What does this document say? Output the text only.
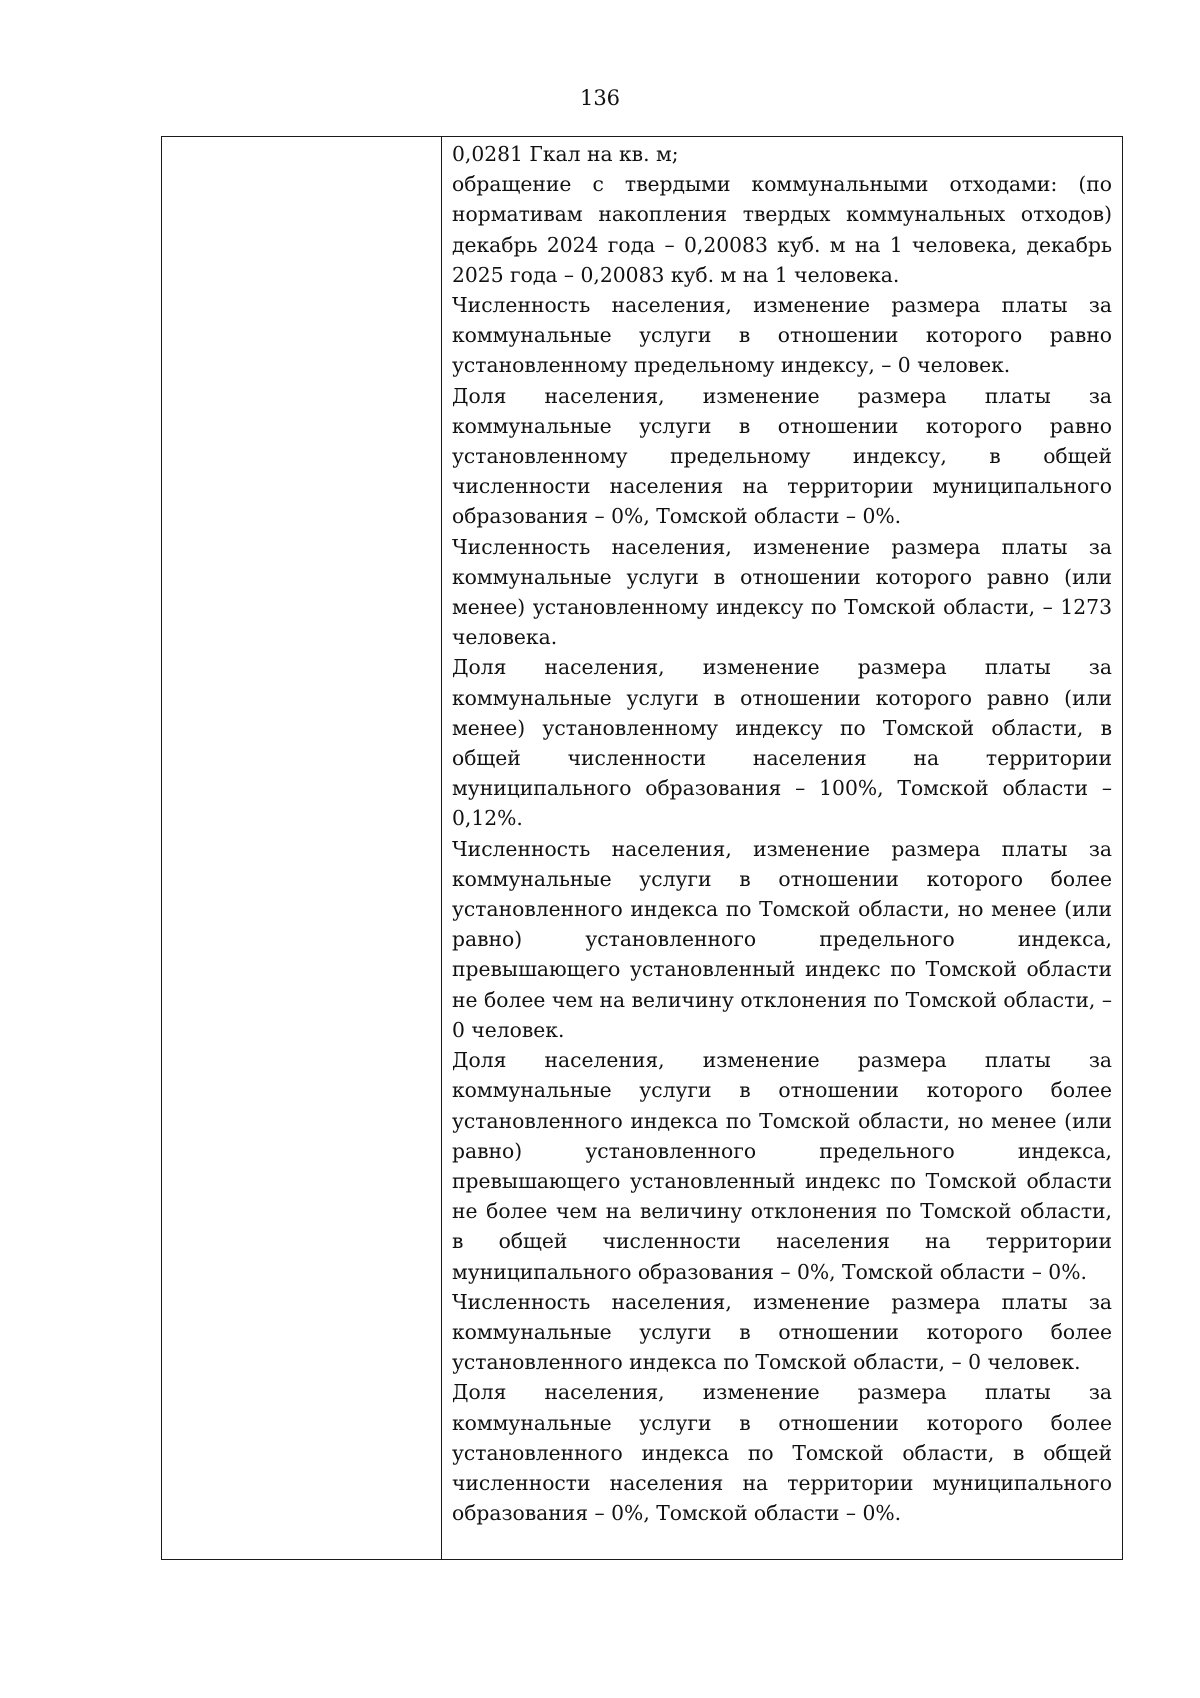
136

0,0281 Гкал на кв. м;

обращение с твердыми коммунальными отходами: (по нормативам накопления твердых коммунальных отходов) декабрь 2024 года – 0,20083 куб. м на 1 человека, декабрь 2025 года – 0,20083 куб. м на 1 человека.

Численность населения, изменение размера платы за коммунальные услуги в отношении которого равно установленному предельному индексу, – 0 человек.

Доля населения, изменение размера платы за коммунальные услуги в отношении которого равно установленному предельному индексу, в общей численности населения на территории муниципального образования – 0%, Томской области – 0%.

Численность населения, изменение размера платы за коммунальные услуги в отношении которого равно (или менее) установленному индексу по Томской области, – 1273 человека.

Доля населения, изменение размера платы за коммунальные услуги в отношении которого равно (или менее) установленному индексу по Томской области, в общей численности населения на территории муниципального образования – 100%, Томской области – 0,12%.

Численность населения, изменение размера платы за коммунальные услуги в отношении которого более установленного индекса по Томской области, но менее (или равно) установленного предельного индекса, превышающего установленный индекс по Томской области не более чем на величину отклонения по Томской области, – 0 человек.

Доля населения, изменение размера платы за коммунальные услуги в отношении которого более установленного индекса по Томской области, но менее (или равно) установленного предельного индекса, превышающего установленный индекс по Томской области не более чем на величину отклонения по Томской области, в общей численности населения на территории муниципального образования – 0%, Томской области – 0%.

Численность населения, изменение размера платы за коммунальные услуги в отношении которого более установленного индекса по Томской области, – 0 человек.

Доля населения, изменение размера платы за коммунальные услуги в отношении которого более установленного индекса по Томской области, в общей численности населения на территории муниципального образования – 0%, Томской области – 0%.
